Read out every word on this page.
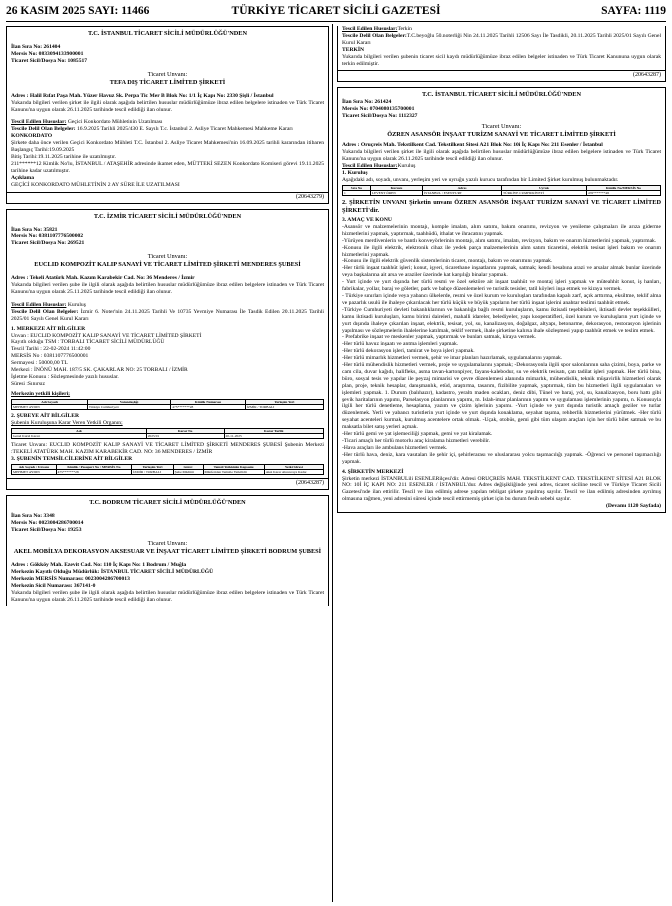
26 KASIM 2025 SAYI: 11466	TÜRKİYE TİCARET SİCİLİ GAZETESİ	SAYFA: 1119
T.C. İSTANBUL TİCARET SİCİLİ MÜDÜRLÜĞÜ'NDEN
İlan Sıra No: 261404
Mersis No: 0833094133900001
Ticaret Sicil/Dosya No: 1085517
Ticaret Unvanı:
TEFA DIŞ TİCARET LİMİTED ŞİRKETİ

Adres : Halil Rıfat Paşa Mah. Yüzer Havuz Sk. Perpa Tic Mer B Blok No: 1/1 İç Kapı No: 2330 Şişli / İstanbul

Yukarıda bilgileri verilen şirket ile ilgili olarak aşağıda belirtilen hususlar müdürlüğümüze ibraz edilen belgelere istinaden ve Türk Ticaret Kanunu'na uygun olarak 26.11.2025 tarihinde tescil edildiği ilan olunur.

Tescil Edilen Hususlar: Geçici Konkordato Mühletinin Uzatılması

Tescile Delil Olan Belgeler: 16.9.2025 Tarihli 2025/430 E. Sayılı T.c. İstanbul 2. Asliye Ticaret Mahkemesi Mahkeme Kararı

KONKORDATO

Şirkete daha önce verilen Geçici Konkordato Mühleti T.C. İstanbul 2. Asliye Ticaret Mahkemesi'nin 16.09.2025 tarihli kararından itibaren Başlangıç Tarihi:19.09.2025

Bitiş Tarihi:19.11.2025 tarihine ile uzatılmıştır.

211******12 Kimlik No'lu, İSTANBUL / ATAŞEHİR adresinde ikamet eden, MÜTTEKİ SEZEN Konkordato Komiseri görevi 19.11.2025 tarihine kadar uzatılmıştır.

Açıklama

GEÇİCİ KONKORDATO MÜHLETİNİN 2 AY SÜRE İLE UZATILMASI

(20643279)
T.C. İZMİR TİCARET SİCİLİ MÜDÜRLÜĞÜ'NDEN
İlan Sıra No: 35821
Mersis No: 0381107776500002
Ticaret Sicil/Dosya No: 269521
Ticaret Unvanı:
EUCLID KOMPOZİT KALIP SANAYİ VE TİCARET LİMİTED ŞİRKETİ MENDERES ŞUBESİ

Adres : Tekeli Atatürk Mah. Kazım Karabekir Cad. No: 36 Menderes / İzmir

Yukarıda bilgileri verilen şube ile ilgili olarak aşağıda belirtilen hususlar müdürlüğümüze ibraz edilen belgelere istinaden ve Türk Ticaret Kanunu'na uygun olarak 25.11.2025 tarihinde tescil edildiği ilan olunur.

Tescil Edilen Hususlar: Kuruluş

Tescile Delil Olan Belgeler: İzmir 6. Noter'nin 24.11.2025 Tarihli Ve 10735 Yevmiye Numarası İle Tasdik Edilen 20.11.2025 Tarihli 2025/01 Sayılı Genel Kurul Kararı

1. MERKEZE AİT BİLGİLER

Unvan : EUCLID KOMPOZİT KALIP SANAYİ VE TİCARET LİMİTED ŞİRKETİ

Kayıtlı olduğu TSM : TORBALI TİCARET SİCİLİ MÜDÜRLÜĞÜ

Tescil Tarihi : 22-02-2024 11:42:00

MERSİS No : 0381107776500001

Sermayesi : 50000,00 TL

Merkezi : İNÖNÜ MAH. 187/5 SK. ÇAKARLAR NO: 25 TORBALI / İZMİR

İşletme Konusu : Sözleşmesinde yazılı hususlar.

Süresi :Sınırsız

Merkezin yetkili kişileri;

Adı Soyadı	Vatandaşlığı	Kimlik Numarası	Yerleşim Yeri
MEHMET AYDIN	Türkiye Cumhuriyeti	475*******28	İZMİR / TORBALI

2. ŞUBEYE AİT BİLGİLER

Şubenin Kuruluşuna Karar Veren Yetkili Organın;

Adı	Karar No	Karar Tarihi
Genel Kurul Kararı	2025/01	20-11-2025

Ticaret Unvanı: EUCLID KOMPOZİT KALIP SANAYİ VE TİCARET LİMİTED ŞİRKETİ MENDERES ŞUBESİ Şubenin Merkezi :TEKELİ ATATÜRK MAH. KAZIM KARABEKİR CAD. NO: 36 MENDERES / İZMİR

3. ŞUBENİN TEMSİLCİLERİNE AİT BİLGİLER

Adı Soyadı / Unvanı	Kimlik / Pasaport No / MERSİS No	Yerleşim Yeri	Görev	Temsil Yetkisinin Kapsamı	Yetki Süresi
MEHMET AYDIN	475*******28	İZMİR / TORBALI	Şube Müdürü	Münferiden Temsile Yetkilidir	Aksi Karar Alınıncaya Kadar
(20643287)
T.C. BODRUM TİCARET SİCİLİ MÜDÜRLÜĞÜ'NDEN
İlan Sıra No: 3348
Mersis No: 0023004286700014
Ticaret Sicil/Dosya No: 19253
Ticaret Unvanı:
AKEL MOBİLYA DEKORASYON AKSESUAR VE İNŞAAT TİCARET LİMİTED ŞİRKETİ BODRUM ŞUBESİ

Adres : Gökköy Mah. Ezevit Cad. No: 110 İç Kapı No: 1 Bodrum / Muğla

Merkezin Kayıtlı Olduğu Müdürlük: İSTANBUL TİCARET SİCİLİ MÜDÜRLÜĞÜ

Merkezin MERSİS Numarası: 0023004286700013

Merkezin Sicil Numarası: 367141-0

Yukarıda bilgileri verilen şube ile ilgili olarak aşağıda belirtilen hususlar müdürlüğümüze ibraz edilen belgelere istinaden ve Türk Ticaret Kanunu'na uygun olarak 26.11.2025 tarihinde tescil edildiği ilan olunur.

Tescil Edilen Hususlar:Terkin

Tescile Delil Olan Belgeler:T.C.beyoğlu 50.noterliği Nin 24.11.2025 Tarihli 12506 Sayı İle Tasdikli, 20.11.2025 Tarihli 2025/01 Sayılı Genel Kurul Kararı

TERKİN

Yukarıda bilgileri verilen şubenin ticaret sicil kaydı müdürlüğümüze ibraz edilen belgeler istinaden ve Türk Ticaret Kanununa uygun olarak terkin edilmiştir.

(20643287)
T.C. İSTANBUL TİCARET SİCİLİ MÜDÜRLÜĞÜ'NDEN
İlan Sıra No: 261424
Mersis No: 0704080135700001
Ticaret Sicil/Dosya No: 1112327
Ticaret Unvanı:
ÖZREN ASANSÖR İNŞAAT TURİZM SANAYİ VE TİCARET LİMİTED ŞİRKETİ

Adres : Oruçreis Mah. Tekstilkent Cad. Tekstilkent Sitesi A21 Blok No: 10i İç Kapı No: 211 Esenler / İstanbul

Yukarıda bilgileri verilen şirket ile ilgili olarak aşağıda belirtilen hususlar müdürlüğümüze ibraz edilen belgelere istinaden ve Türk Ticaret Kanunu'na uygun olarak 26.11.2025 tarihinde tescil edildiği ilan olunur.

Tescil Edilen Hususlar:Kuruluş

1. Kuruluş

Aşağıdaki adı, soyadı, unvanı, yerleşim yeri ve uyruğu yazılı kurucu tarafından bir Limited Şirket kurulmuş bulunmaktadır.

Sıra No	Kurucu	Adres	Uyruk	Kimlik No/MERSİS No
1	LEVENT ÖREN	İSTANBUL / ESENYURT	TÜRKİYE CUMHURİYETİ	476*******48

2. ŞİRKETİN UNVANI Şirketin unvanı ÖZREN ASANSÖR İNŞAAT TURİZM SANAYİ VE TİCARET LİMİTED ŞİRKETİ'dir.

3. AMAÇ VE KONU

-Asansör ve malzemelerinin montajı, komple imalatı, alım satımı, bakım onarımı, revizyon ve yenileme çalışmaları ile arıza giderme hizmetlerini yapmak, yaptırmak, taahhüdü, ithalat ve ihracatını yapmak.

-Yürüyen merdivenlerin ve bantlı konveyörlerinin montajı, alım satımı, imalatı, revizyon, bakım ve onarım hizmetlerini yapmak, yaptırmak.

-Konusu ile ilgili elektrik, elektronik cihaz ile yedek parça malzemelerinin alım satım ticaretini, elektrik tesisat işleri bakım ve onarım hizmetlerini yapmak.

-Konusu ile ilgili elektrik güvenlik sistemlerinin ticaret, montajı, bakım ve onarımını yapmak.

-Her türlü inşaat taahhüt işleri; konut, işyeri, ticarethane inşaatlarını yapmak, satmak; kendi hesabına arazi ve arsalar almak bunlar üzerinde veya başkalarına ait arsa ve araziler üzerinde kat karşılığı binalar yapmak.

- Yurt içinde ve yurt dışında her türlü resmi ve özel sektöre ait inşaat taahhüt ve montaj işleri yapmak ve müteahhit konut, iş hanları, fabrikalar, yollar, baraj ve göletler, park ve bahçe düzenlemeleri ve turistik tesisler, tatil köyleri inşa etmek ve kiraya vermek.

- Türkiye sınırları içinde veya yabancı ülkelerde, resmi ve özel kurum ve kuruluşları tarafından kapalı zarf, açık arttırma, eksiltme, teklif alma ve pazarlık usulü ile ihaleye çıkarılacak her türlü küçük ve büyük yapıların her türlü inşaat işlerini anahtar teslimi taahhüt etmek.

-Türkiye Cumhuriyeti devleti bakanlıklarının ve bakanlığa bağlı resmi kuruluşların, kamu iktisadi teşebbüsleri, iktisadi devlet teşekkülleri, kamu iktisadi kuruluşları, kamu birimi daireleri, mahalli idareler, belediyeler, yapı kooperatifleri, özel kurum ve kuruluşların yurt içinde ve yurt dışında ihaleye çıkarılan inşaat, elektrik, tesisat, yol, su, kanalizasyon, doğalgaz, altyapı, betonarme, dekorasyon, restorasyon işlerinin yapılması ve sözleşmelerin ihalelerine katılmak, teklif vermek, ihale şirketine kalırsa ihale sözleşmesi yapıp taahhüt etmek ve teslim etmek.

- Prefabrike inşaat ve meskenler yapmak, yaptırmak ve bunları satmak, kiraya vermek.

-Her türlü havuz inşaatı ve antma işlemleri yapmak.

-Her türlü dekorasyon işleri, tamirat ve boya işleri yapmak.

-Her türlü mimarlık hizmetleri vermek, şehir ve imar planları hazırlamak, uygulamalarını yapmak.

-Her türlü mühendislik hizmetleri vermek, proje ve uygulamalarını yapmak; -Dekorasyonla ilgili spor salonlarının saha çizimi, boya, parke ve cam cila, duvar kağıdı, halifleks, asma tavan-kartonpiyer, fayans-kalebodur, su ve elektrik tesisatı, çatı tadilat işleri yapmak. Her türlü bina, büro, sosyal tesis ve yapılar ile peyzaj mimarisi ve çevre düzenlemesi alanında mimarlık, mühendislik, teknik müşavirlik hizmetleri olarak plan, proje, teknik hesaplar, danışmanlık, etüd, araştırma, tasarım, fizibilite yapmak, yaptırmak, tüm bu hizmetleri ilgili uygulamaları ve işlemleri yapmak. 1. Durum (balıhazır), kadastro, yeraltı maden ocakları, deniz dibi, Tünel ve baraj, yol, su, kanalizasyon, boru hattı gibi şevik haritalarının yapımı, Parselasyon planlarının yapımı, m. Islah-imar planlarının yapımı ve uygulaması işlemlerinin yapımı, n. Konusuyla ilgili her türlü denetleme, hesaplama, yazım ve çizim işlerinin yapımı. -Yurt içinde ve yurt dışında turistik amaçlı geziler ve turlar düzenlemek. Yerli ve yabancı turistlerin yurt içinde ve yurt dışında konaklama, seyahat taşıma, rehberlik hizmetlerini yürütmek. -Her türlü seyahat acenteleri kurmak, kurulmuş acentelere ortak olmak. -Uçak, otobüs, gemi gibi tüm ulaşım araçları için her türlü bilet satmak ve bu maksatla bilet satış yerleri açmak.

-Her türlü gemi ve yat işlemeciliği yapmak, gemi ve yat kiralamak.

-Ticari amaçlı her türlü motorlu araç kiralama hizmetleri verebilir.

-Hava araçları ile ambulans hizmetleri vermek.

-Her türlü hava, deniz, kara vasıtaları ile şehir içi, şehirlerarası ve uluslararası yolcu taşımacılığı yapmak. -Öğrenci ve personel taşımacılığı yapmak.

4. ŞİRKETİN MERKEZİ

Şirketin merkezi İSTANBULili ESENLERilçesi'dir. Adresi ORUÇREİS MAH. TEKSTİLKENT CAD. TEKSTİLKENT SİTESİ A21 BLOK NO: 10İ İÇ KAPI NO: 211 ESENLER / İSTANBUL'dur. Adres değişikliğinde yeni adres, ticaret siciline tescil ve Türkiye Ticaret Sicili Gazetesi'nde ilan ettirilir. Tescil ve ilan edilmiş adrese yapılan tebligat şirkete yapılmış sayılır. Tescil ve ilan edilmiş adresinden ayrılmış olmasına rağmen, yeni adresini süresi içinde tescil ettirmemiş şirket için bu durum fesih sebebi sayılır.

(Devamı 1120 Sayfada)
